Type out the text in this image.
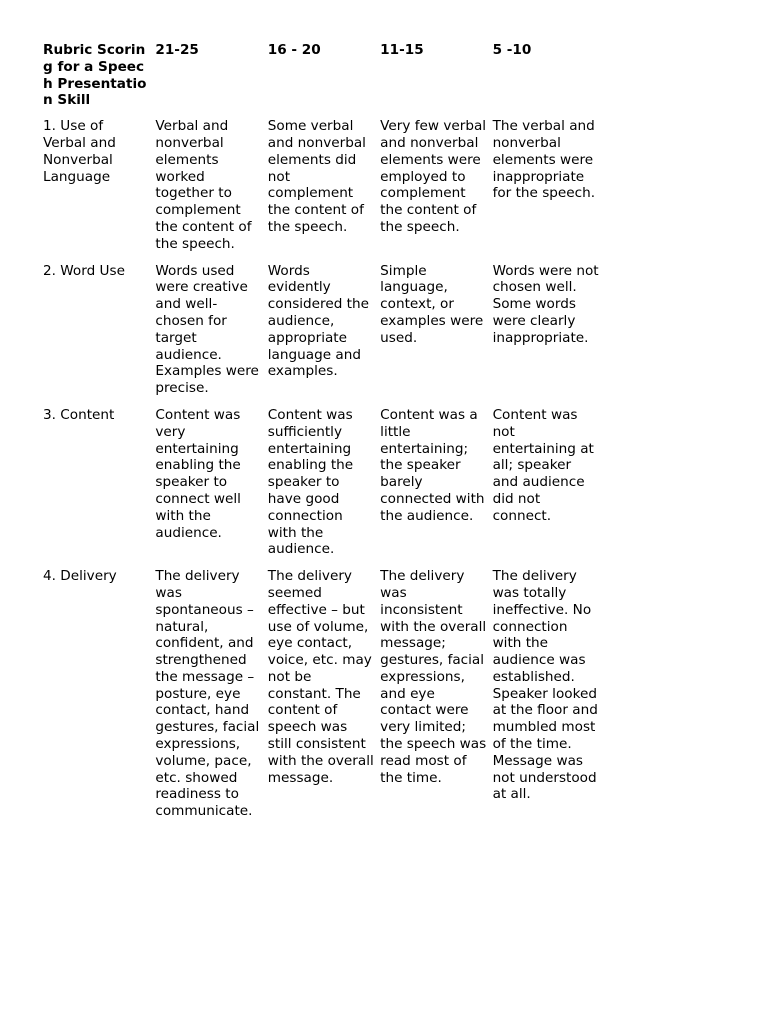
Rubric Scoring for a Speech Presentation Skill	21-25	16 - 20	11-15	5 -10
1. Use of Verbal and Nonverbal Language	Verbal and nonverbal elements worked together to complement the content of the speech.	Some verbal and nonverbal elements did not complement the content of the speech.	Very few verbal and nonverbal elements were employed to complement the content of the speech.	The verbal and nonverbal elements were inappropriate for the speech.
2. Word Use	Words used were creative and well-chosen for target audience. Examples were precise.	Words evidently considered the audience, appropriate language and examples.	Simple language, context, or examples were used.	Words were not chosen well. Some words were clearly inappropriate.
3. Content	Content was very entertaining enabling the speaker to connect well with the audience.	Content was sufficiently entertaining enabling the speaker to have good connection with the audience.	Content was a little entertaining; the speaker barely connected with the audience.	Content was not entertaining at all; speaker and audience did not connect.
4. Delivery	The delivery was spontaneous – natural, confident, and strengthened the message – posture, eye contact, hand gestures, facial expressions, volume, pace, etc. showed readiness to communicate.	The delivery seemed effective – but use of volume, eye contact, voice, etc. may not be constant. The content of speech was still consistent with the overall message.	The delivery was inconsistent with the overall message; gestures, facial expressions, and eye contact were very limited; the speech was read most of the time.	The delivery was totally ineffective. No connection with the audience was established. Speaker looked at the floor and mumbled most of the time. Message was not understood at all.
